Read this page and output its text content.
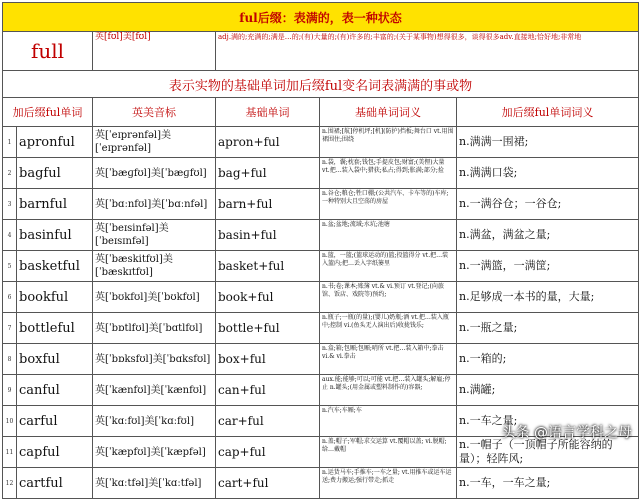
ful后缀：表满的，表一种状态					
full		英[fʊl]美[fʊl]	adj.满的;充满的;满是…的;(有)大量的;(有)许多的;丰富的;(关于某事物)想得很多，谈得很多adv.直接地;恰好地;非常地		
表示实物的基础单词加后缀ful变名词表满满的事或物					
加后缀ful单词		英美音标	基础单词	基础单词词义	加后缀ful单词词义
1	apronful	英[ˈeɪprənfəl]美[ˈeɪprənfəl]	apron+ful	n.围裙;[航]停机坪;[机](防护)挡板;舞台口 vt.用围裙围住;围绕	n.满满一围裙;
2	bagful	英[ˈbæɡfʊl]美[ˈbæɡfʊl]	bag+ful	n.袋，囊;枕套;钱包;手提皮包;财富;(美俚)大量 vt.把…装入袋中;猎获;私占;得到;胀满;部分;捡	n.满满口袋;
3	barnful	英[ˈbɑːnfʊl]美[ˈbɑːnfəl]	barn+ful	n.谷仓;粮仓;牲口棚;(公共汽车、卡车等的)车库;一种特别大且空荡的房屋	n.一满谷仓；一谷仓;
4	basinful	英[ˈbeɪsinfəl]美[ˈbeɪsɪnfəl]	basin+ful	n.盆;盆地;流域;水坑;池塘	n.满盆，满盆之量;
5	basketful	英[ˈbæskitfʊl]美[ˈbæskɪtfʊl]	basket+ful	n.篮，一篮;(篮球运动的)篮;投篮得分 vt.把…装入篮内;把…丢入字纸篓里	n.一满篮，一满筐;
6	bookful	英[ˈbʊkfʊl]美[ˈbʊkfʊl]	book+ful	n.书;卷;课本;账簿 vt.& vi.预订 vt.登记;(向旅馆、饭店、戏院等)预约;	n.足够成一本书的量，大量;
7	bottleful	英[ˈbɒtlfʊl]美[ˈbɑtlfʊl]	bottle+ful	n.瓶子;一瓶(的量);(婴儿)奶瓶;酒 vt.把…装入瓶中;控制 vi.(鱼头无人演出后)收拢钱乐;	n.一瓶之量;
8	boxful	英[ˈbɒksfʊl]美[ˈbɑksfʊl]	box+ful	n.盒;箱;包厢;包厢;哨所 vt.把…装入箱中;拳击 vi.& vi.拳击	n.一箱的;
9	canful	英[ˈkænfʊl]美[ˈkænfʊl]	can+ful	aux.能;能够;可以;可能 vt.把…装入罐头;解雇;停止 n.罐头;(用金属或塑料制作的)容器;	n.满罐;
10	carful	英[ˈkɑːfʊl]美[ˈkɑːfʊl]	car+ful	n.汽车;车厢;车	n.一车之量;
11	capful	英[ˈkæpfʊl]美[ˈkæpfəl]	cap+ful	n.盖;帽子;军帽;求交运算 vt.覆帽以盖; vi.脱帽;给…戴帽	n.一帽子（一顶帽子所能容纳的量）；轻阵风;
12	cartful	英[ˈkɑːtfəl]美[ˈkɑːtfəl]	cart+ful	n.运货马车;手推车;一车之量; vt.用推车或运车运送;费力搬运;强行带走;抓走	n.一车，一车之量;
头条 @语言学科之母
